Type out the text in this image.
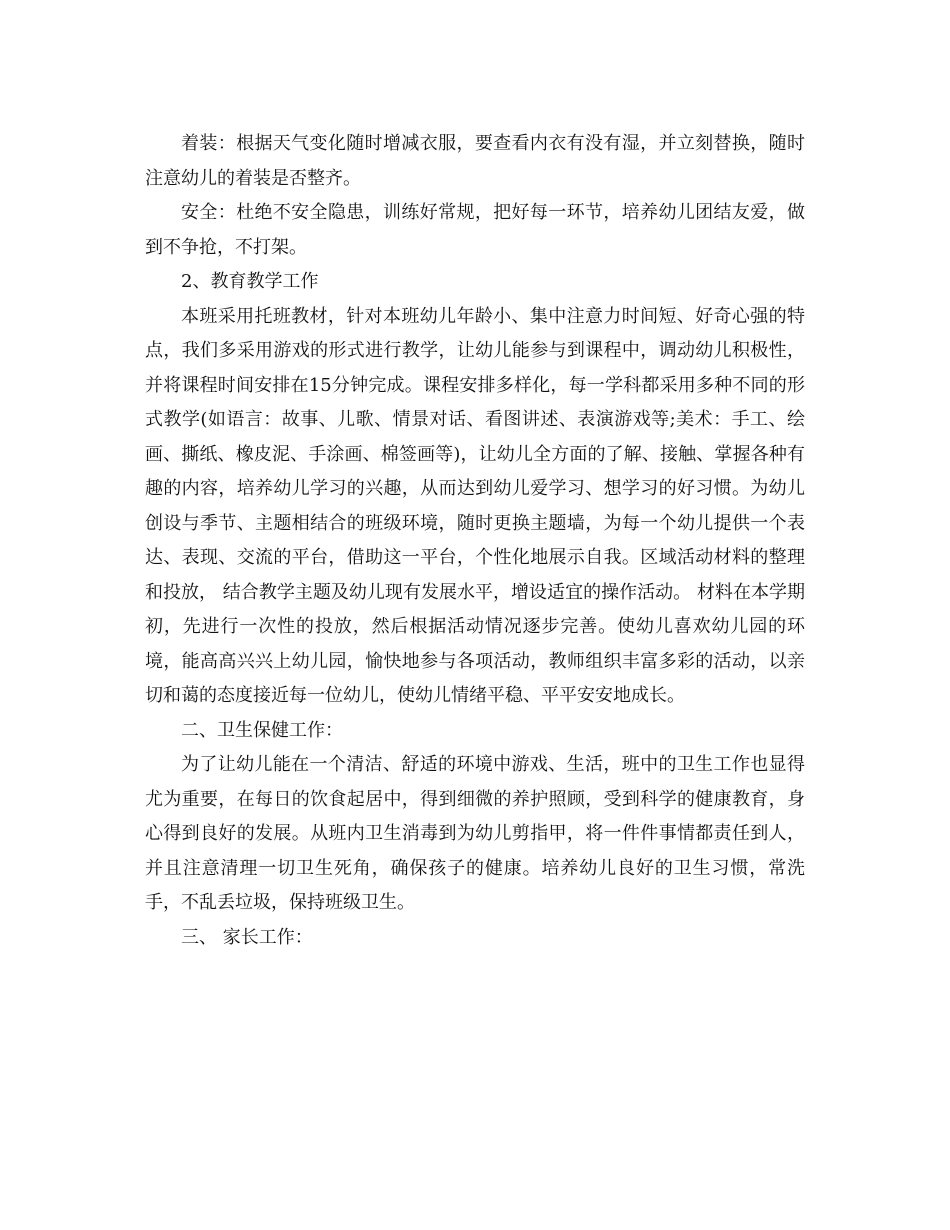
着装：根据天气变化随时增减衣服，要查看内衣有没有湿，并立刻替换，随时注意幼儿的着装是否整齐。

安全：杜绝不安全隐患，训练好常规，把好每一环节，培养幼儿团结友爱，做到不争抢，不打架。

2、教育教学工作

本班采用托班教材，针对本班幼儿年龄小、集中注意力时间短、好奇心强的特点，我们多采用游戏的形式进行教学，让幼儿能参与到课程中，调动幼儿积极性，并将课程时间安排在15分钟完成。课程安排多样化，每一学科都采用多种不同的形式教学(如语言：故事、儿歌、情景对话、看图讲述、表演游戏等;美术：手工、绘画、撕纸、橡皮泥、手涂画、棉签画等)，让幼儿全方面的了解、接触、掌握各种有趣的内容，培养幼儿学习的兴趣，从而达到幼儿爱学习、想学习的好习惯。为幼儿创设与季节、主题相结合的班级环境，随时更换主题墙，为每一个幼儿提供一个表达、表现、交流的平台，借助这一平台，个性化地展示自我。区域活动材料的整理和投放， 结合教学主题及幼儿现有发展水平，增设适宜的操作活动。 材料在本学期初，先进行一次性的投放，然后根据活动情况逐步完善。使幼儿喜欢幼儿园的环境，能高高兴兴上幼儿园，愉快地参与各项活动，教师组织丰富多彩的活动，以亲切和蔼的态度接近每一位幼儿，使幼儿情绪平稳、平平安安地成长。

二、卫生保健工作：

为了让幼儿能在一个清洁、舒适的环境中游戏、生活，班中的卫生工作也显得尤为重要，在每日的饮食起居中，得到细微的养护照顾，受到科学的健康教育，身心得到良好的发展。从班内卫生消毒到为幼儿剪指甲，将一件件事情都责任到人，并且注意清理一切卫生死角，确保孩子的健康。培养幼儿良好的卫生习惯，常洗手，不乱丢垃圾，保持班级卫生。

三、 家长工作：
